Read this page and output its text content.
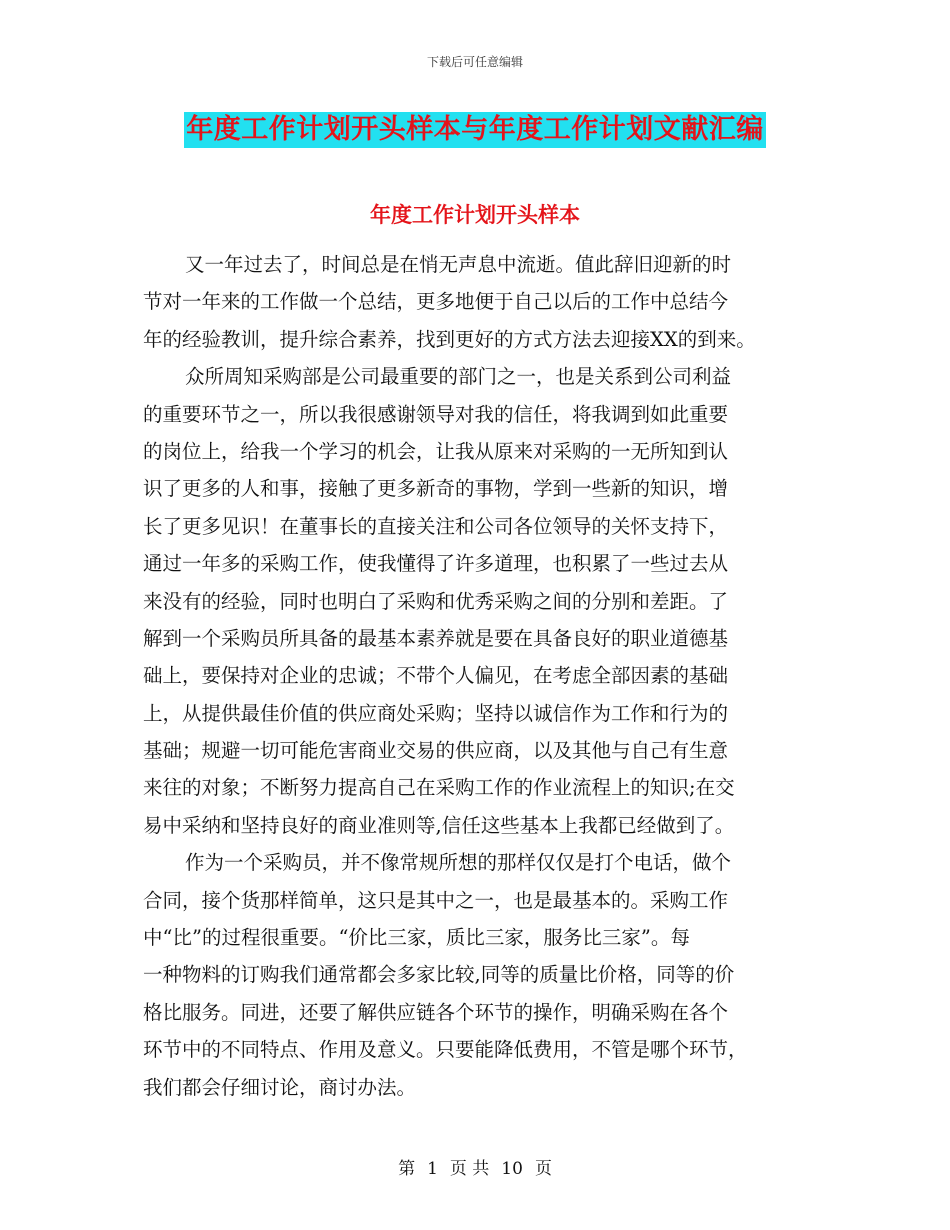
下载后可任意编辑
年度工作计划开头样本与年度工作计划文献汇编
年度工作计划开头样本
又一年过去了，时间总是在悄无声息中流逝。值此辞旧迎新的时
节对一年来的工作做一个总结，更多地便于自己以后的工作中总结今
年的经验教训，提升综合素养，找到更好的方式方法去迎接XX的到来。
众所周知采购部是公司最重要的部门之一，也是关系到公司利益
的重要环节之一，所以我很感谢领导对我的信任，将我调到如此重要
的岗位上，给我一个学习的机会，让我从原来对采购的一无所知到认
识了更多的人和事，接触了更多新奇的事物，学到一些新的知识，增
长了更多见识！在董事长的直接关注和公司各位领导的关怀支持下，
通过一年多的采购工作，使我懂得了许多道理，也积累了一些过去从
来没有的经验，同时也明白了采购和优秀采购之间的分别和差距。了
解到一个采购员所具备的最基本素养就是要在具备良好的职业道德基
础上，要保持对企业的忠诚；不带个人偏见，在考虑全部因素的基础
上，从提供最佳价值的供应商处采购；坚持以诚信作为工作和行为的
基础；规避一切可能危害商业交易的供应商，以及其他与自己有生意
来往的对象；不断努力提高自己在采购工作的作业流程上的知识;在交
易中采纳和坚持良好的商业准则等,信任这些基本上我都已经做到了。
作为一个采购员，并不像常规所想的那样仅仅是打个电话，做个
合同，接个货那样简单，这只是其中之一，也是最基本的。采购工作
中“比”的过程很重要。“价比三家，质比三家，服务比三家”。每
一种物料的订购我们通常都会多家比较,同等的质量比价格，同等的价
格比服务。同进，还要了解供应链各个环节的操作，明确采购在各个
环节中的不同特点、作用及意义。只要能降低费用，不管是哪个环节，
我们都会仔细讨论，商讨办法。
第 1 页 共 10 页
